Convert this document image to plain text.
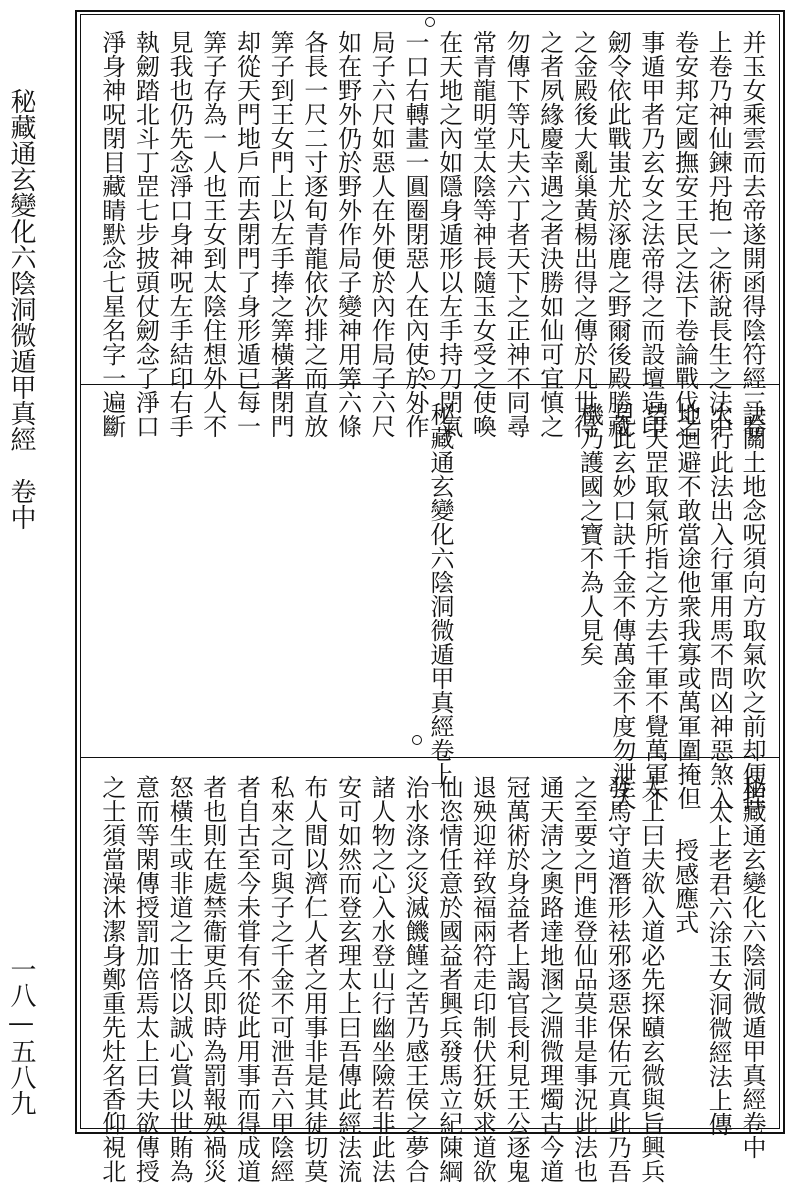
秘藏通玄變化六陰洞微遁甲真經　卷中
一八—五八九
并玉女乘雲而去帝遂開函得陰符經三卷
上卷乃神仙鍊丹抱一之術說長生之法中
卷安邦定國撫安王民之法下卷論戰伐之
事遁甲者乃玄女之法帝得之而設壇造印
劒令依此戰蚩尤於涿鹿之野爾後殿勝藏
之金殿後大亂巢黃楊出得之傳於凡世得
之者夙緣慶幸遇之者決勝如仙可宜慎之
勿傳下等凡夫六丁者天下之正神不同尋
常青龍明堂太陰等神長隨玉女受之使喚
在天地之內如隱身遁形以左手持刀閉氣
一口右轉畫一圓圈閉惡人在內使於外作
局子六尺如惡人在外便於內作局子六尺
如在野外仍於野外作局子變神用筭六條
各長一尺二寸逐旬青龍依次排之而直放
筭子到王女門上以左手捧之筭橫著閉門
却從天門地戶而去閉門了身形遁已每一
筭子存為一人也王女到太陰住想外人不
見我也仍先念淨口身神呪左手結印右手
執劒踏北斗丁罡七步披頭仗劒念了淨口
淨身神呪閉目藏睛默念七星名字一遍斷
訣關土地念呪須向方取氣吹之前却便捏
火行此法出入行軍用馬不問凶神惡煞入
地迴避不敢當途他衆我寡或萬軍圍掩但
望天罡取氣所指之方去千軍不覺萬軍不
見此玄妙口訣千金不傳萬金不度勿泄天
機乃護國之寶不為人見矣
秘藏通玄變化六陰洞微遁甲真經卷上
秘藏通玄變化六陰洞微遁甲真經卷中
太上老君六涂玉女洞微經法上傳
授感應式
太上曰夫欲入道必先探賾玄微與旨興兵
發馬守道潛形袪邪逐惡保佑元真此乃吾
之至要之門進登仙品莫非是事況此法也
通天淸之奧路達地溷之淵微理燭古今道
冠萬術於身益者上謁官長利見王公逐鬼
退殃迎祥致福兩符走印制伏狂妖求道欲
仙恣情任意於國益者興兵發馬立紀陳綱
治水涤之災滅饑饉之苦乃感王侯之夢合
諸人物之心入水登山行幽坐險若非此法
安可如然而登玄理太上曰吾傳此經法流
布人間以濟仁人者之用事非是其徒切莫
私來之可與子之千金不可泄吾六甲陰經
者自古至今未甞有不從此用事而得成道
者也則在處禁衞更兵即時為罰報殃禍災
怒橫生或非道之士恪以誠心賞以世賄為
意而等閑傳授罰加倍焉太上曰夫欲傳授
之士須當澡沐潔身鄭重先灶名香仰視北
